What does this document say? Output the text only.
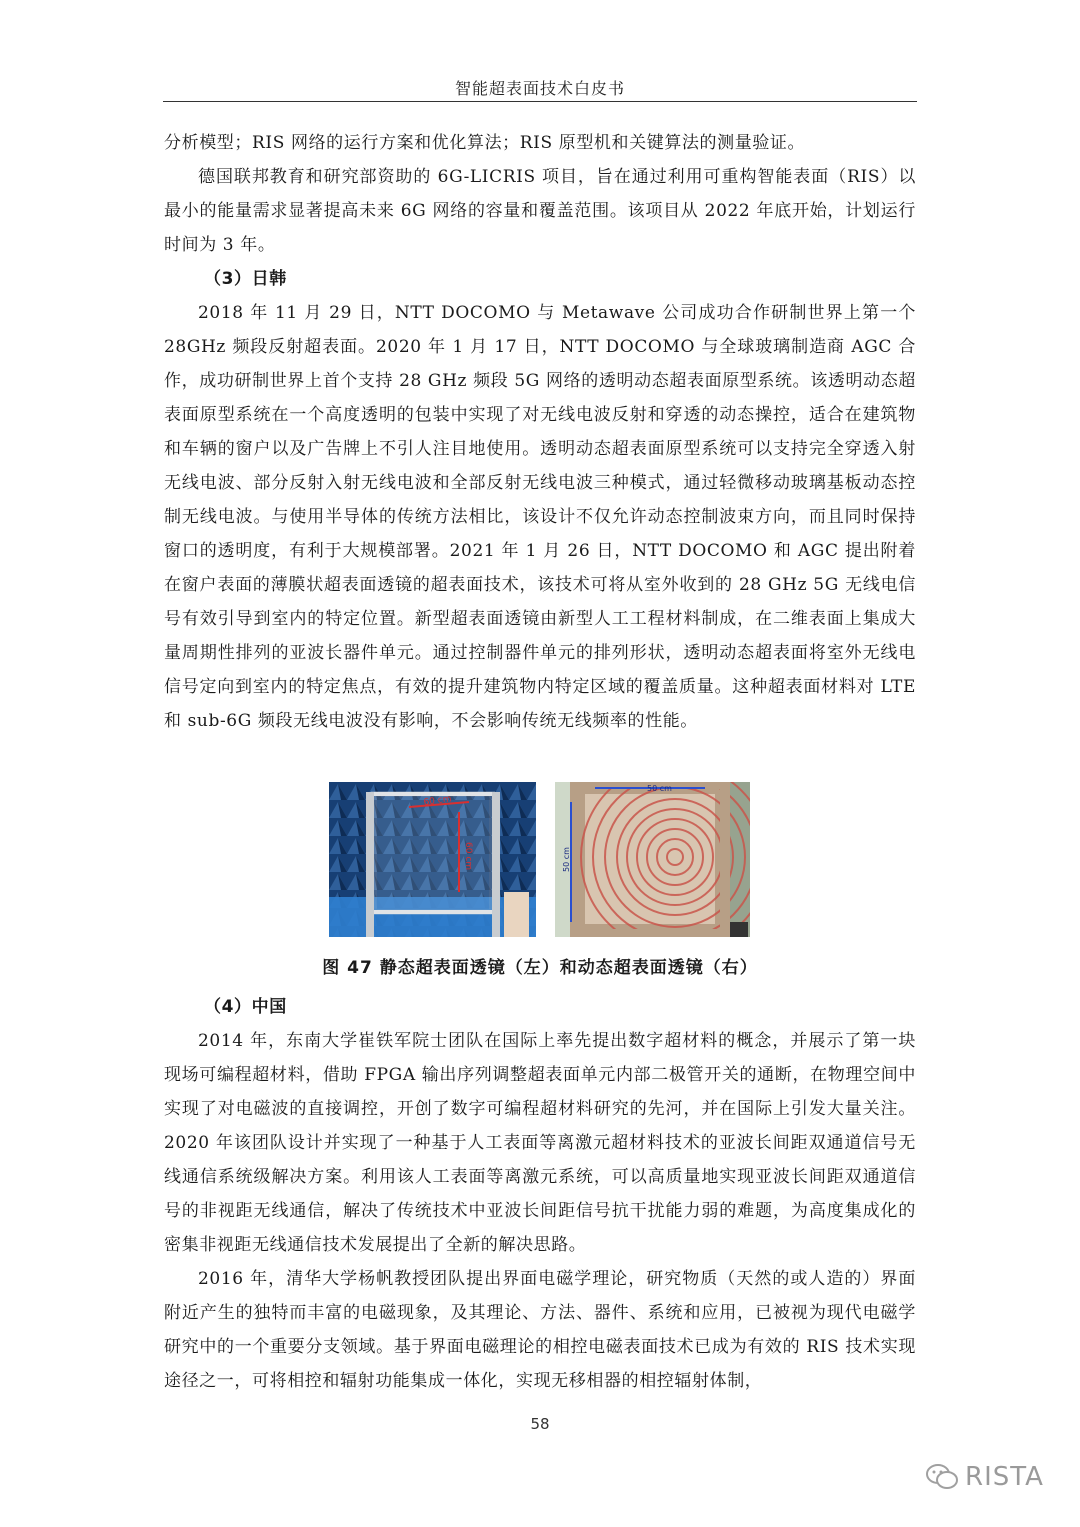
智能超表面技术白皮书

分析模型；RIS 网络的运行方案和优化算法；RIS 原型机和关键算法的测量验证。

德国联邦教育和研究部资助的 6G-LICRIS 项目，旨在通过利用可重构智能表面（RIS）以最小的能量需求显著提高未来 6G 网络的容量和覆盖范围。该项目从 2022 年底开始，计划运行时间为 3 年。

（3）日韩

2018 年 11 月 29 日，NTT DOCOMO 与 Metawave 公司成功合作研制世界上第一个 28GHz 频段反射超表面。2020 年 1 月 17 日，NTT DOCOMO 与全球玻璃制造商 AGC 合作，成功研制世界上首个支持 28 GHz 频段 5G 网络的透明动态超表面原型系统。该透明动态超表面原型系统在一个高度透明的包装中实现了对无线电波反射和穿透的动态操控，适合在建筑物和车辆的窗户以及广告牌上不引人注目地使用。透明动态超表面原型系统可以支持完全穿透入射无线电波、部分反射入射无线电波和全部反射无线电波三种模式，通过轻微移动玻璃基板动态控制无线电波。与使用半导体的传统方法相比，该设计不仅允许动态控制波束方向，而且同时保持窗口的透明度，有利于大规模部署。2021 年 1 月 26 日，NTT DOCOMO 和 AGC 提出附着在窗户表面的薄膜状超表面透镜的超表面技术，该技术可将从室外收到的 28 GHz 5G 无线电信号有效引导到室内的特定位置。新型超表面透镜由新型人工工程材料制成，在二维表面上集成大量周期性排列的亚波长器件单元。通过控制器件单元的排列形状，透明动态超表面将室外无线电信号定向到室内的特定焦点，有效的提升建筑物内特定区域的覆盖质量。这种超表面材料对 LTE 和 sub-6G 频段无线电波没有影响，不会影响传统无线频率的性能。

60 cm
60 cm
50 cm
50 cm
图 47 静态超表面透镜（左）和动态超表面透镜（右）

（4）中国

2014 年，东南大学崔铁军院士团队在国际上率先提出数字超材料的概念，并展示了第一块现场可编程超材料，借助 FPGA 输出序列调整超表面单元内部二极管开关的通断，在物理空间中实现了对电磁波的直接调控，开创了数字可编程超材料研究的先河，并在国际上引发大量关注。2020 年该团队设计并实现了一种基于人工表面等离激元超材料技术的亚波长间距双通道信号无线通信系统级解决方案。利用该人工表面等离激元系统，可以高质量地实现亚波长间距双通道信号的非视距无线通信，解决了传统技术中亚波长间距信号抗干扰能力弱的难题，为高度集成化的密集非视距无线通信技术发展提出了全新的解决思路。

2016 年，清华大学杨帆教授团队提出界面电磁学理论，研究物质（天然的或人造的）界面附近产生的独特而丰富的电磁现象，及其理论、方法、器件、系统和应用，已被视为现代电磁学研究中的一个重要分支领域。基于界面电磁理论的相控电磁表面技术已成为有效的 RIS 技术实现途径之一，可将相控和辐射功能集成一体化，实现无移相器的相控辐射体制，

58
RISTA
